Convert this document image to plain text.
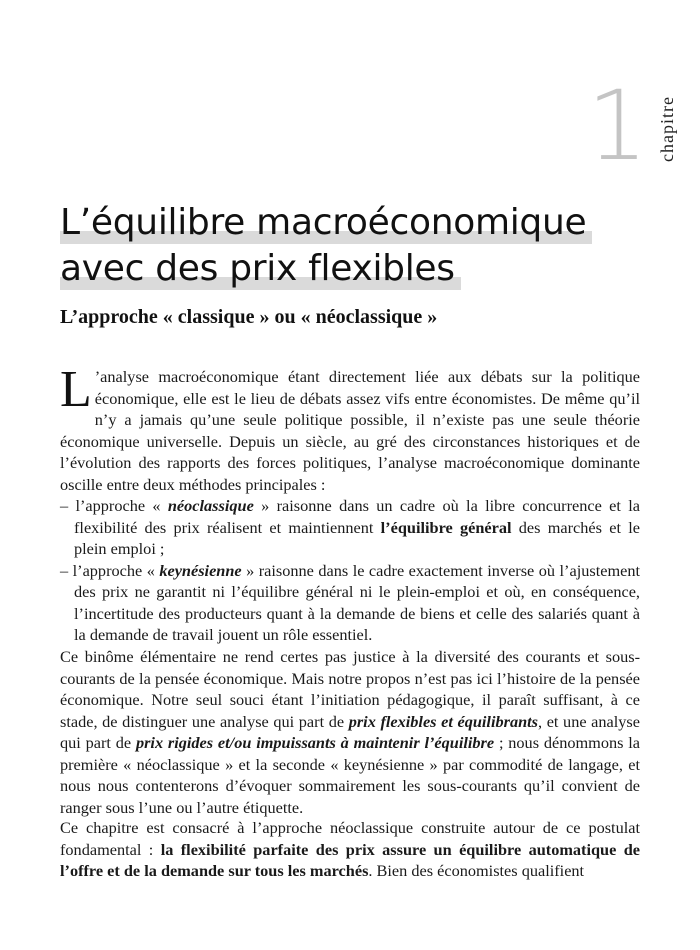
1 chapitre
L’équilibre macroéconomique
avec des prix flexibles
L’approche « classique » ou « néoclassique »

L ’analyse macroéconomique étant directement liée aux débats sur la politique économique, elle est le lieu de débats assez vifs entre économistes. De même qu’il n’y a jamais qu’une seule politique possible, il n’existe pas une seule théorie économique universelle. Depuis un siècle, au gré des circonstances historiques et de l’évolution des rapports des forces politiques, l’analyse macroéconomique dominante oscille entre deux méthodes principales :

– l’approche « néoclassique » raisonne dans un cadre où la libre concurrence et la flexibilité des prix réalisent et maintiennent l’équilibre général des marchés et le plein emploi ;

– l’approche « keynésienne » raisonne dans le cadre exactement inverse où l’ajustement des prix ne garantit ni l’équilibre général ni le plein-emploi et où, en conséquence, l’incertitude des producteurs quant à la demande de biens et celle des salariés quant à la demande de travail jouent un rôle essentiel.

Ce binôme élémentaire ne rend certes pas justice à la diversité des courants et sous-courants de la pensée économique. Mais notre propos n’est pas ici l’histoire de la pensée économique. Notre seul souci étant l’initiation pédagogique, il paraît suffisant, à ce stade, de distinguer une analyse qui part de prix flexibles et équilibrants, et une analyse qui part de prix rigides et/ou impuissants à maintenir l’équilibre ; nous dénommons la première « néoclassique » et la seconde « keynésienne » par commodité de langage, et nous nous contenterons d’évoquer sommairement les sous-courants qu’il convient de ranger sous l’une ou l’autre étiquette.

Ce chapitre est consacré à l’approche néoclassique construite autour de ce postulat fondamental : la flexibilité parfaite des prix assure un équilibre automatique de l’offre et de la demande sur tous les marchés. Bien des économistes qualifient
